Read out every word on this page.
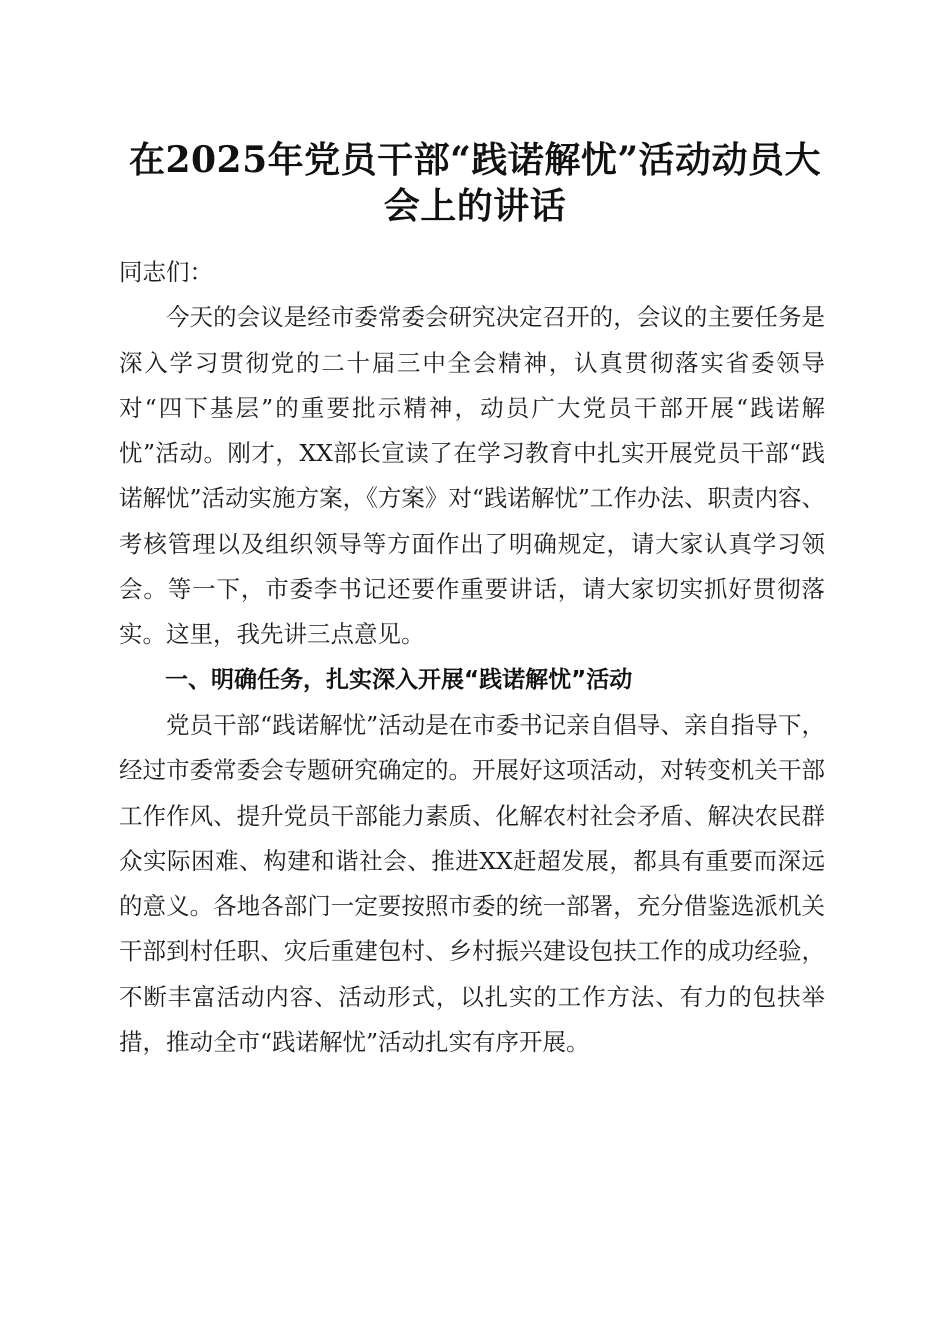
在2025年党员干部“践诺解忧”活动动员大
会上的讲话

同志们：

今天的会议是经市委常委会研究决定召开的，会议的主要任务是深入学习贯彻党的二十届三中全会精神，认真贯彻落实省委领导对“四下基层”的重要批示精神，动员广大党员干部开展“践诺解忧”活动。刚才，XX部长宣读了在学习教育中扎实开展党员干部“践诺解忧”活动实施方案，《方案》对“践诺解忧”工作办法、职责内容、考核管理以及组织领导等方面作出了明确规定，请大家认真学习领会。等一下，市委李书记还要作重要讲话，请大家切实抓好贯彻落实。这里，我先讲三点意见。

一、明确任务，扎实深入开展“践诺解忧”活动

党员干部“践诺解忧”活动是在市委书记亲自倡导、亲自指导下，经过市委常委会专题研究确定的。开展好这项活动，对转变机关干部工作作风、提升党员干部能力素质、化解农村社会矛盾、解决农民群众实际困难、构建和谐社会、推进XX赶超发展，都具有重要而深远的意义。各地各部门一定要按照市委的统一部署，充分借鉴选派机关干部到村任职、灾后重建包村、乡村振兴建设包扶工作的成功经验，不断丰富活动内容、活动形式，以扎实的工作方法、有力的包扶举措，推动全市“践诺解忧”活动扎实有序开展。
